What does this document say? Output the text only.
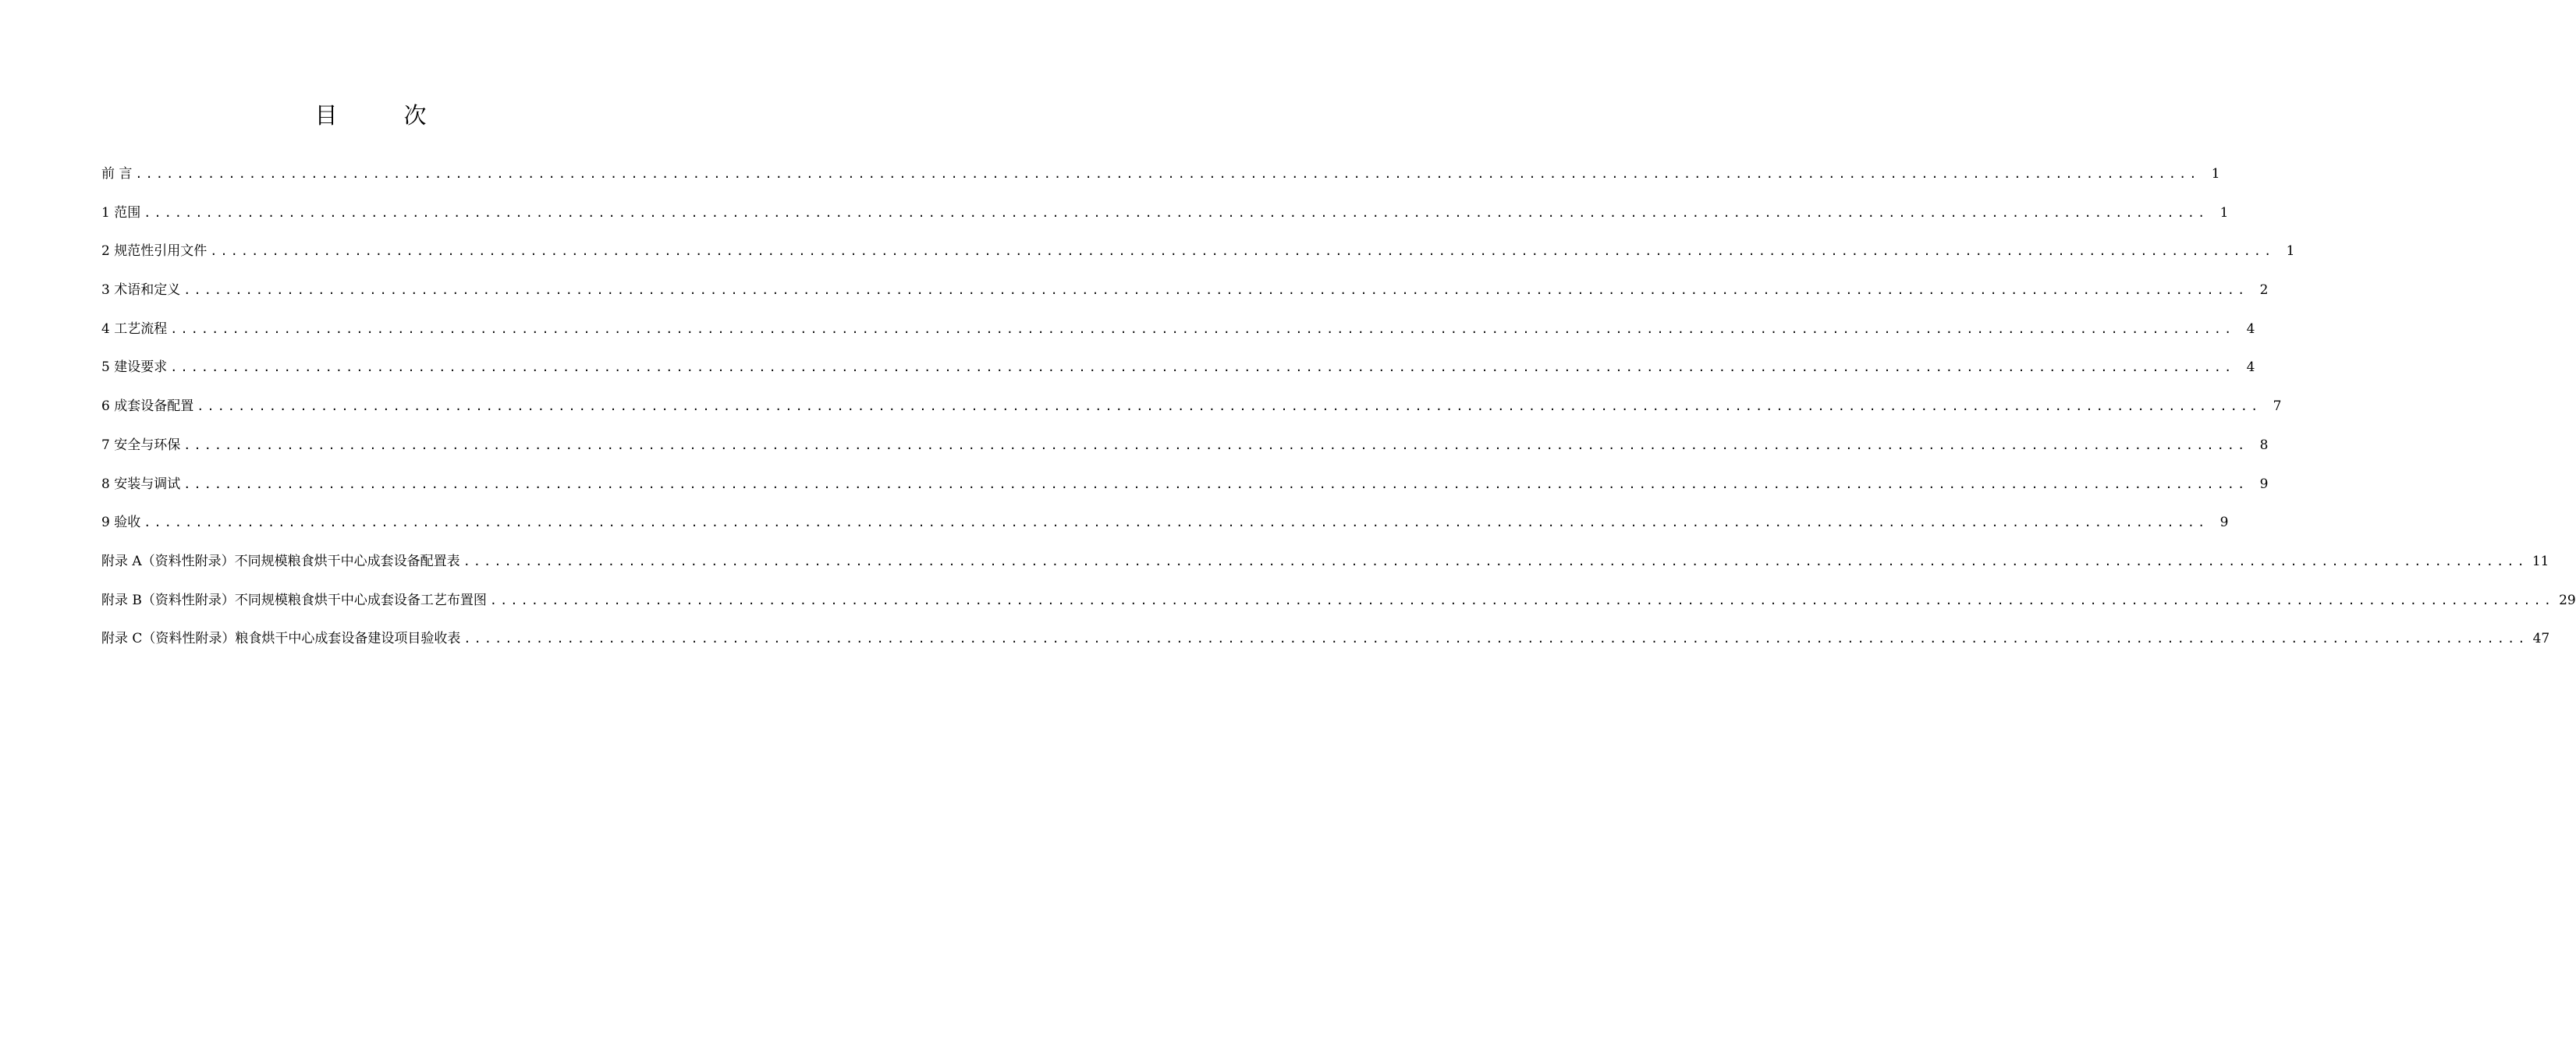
目　次
前 言 ........................................................................................................................................................................................................ 1
1 范围 ........................................................................................................................................................................................................ 1
2 规范性引用文件 ........................................................................................................................................................................................................ 1
3 术语和定义 ........................................................................................................................................................................................................ 2
4 工艺流程 ........................................................................................................................................................................................................ 4
5 建设要求 ........................................................................................................................................................................................................ 4
6 成套设备配置 ........................................................................................................................................................................................................ 7
7 安全与环保 ........................................................................................................................................................................................................ 8
8 安装与调试 ........................................................................................................................................................................................................ 9
9 验收 ........................................................................................................................................................................................................ 9
附录 A（资料性附录）不同规模粮食烘干中心成套设备配置表 ........................................................................................................................................................................................................ 11
附录 B（资料性附录）不同规模粮食烘干中心成套设备工艺布置图 ........................................................................................................................................................................................................ 29
附录 C（资料性附录）粮食烘干中心成套设备建设项目验收表 ........................................................................................................................................................................................................ 47
